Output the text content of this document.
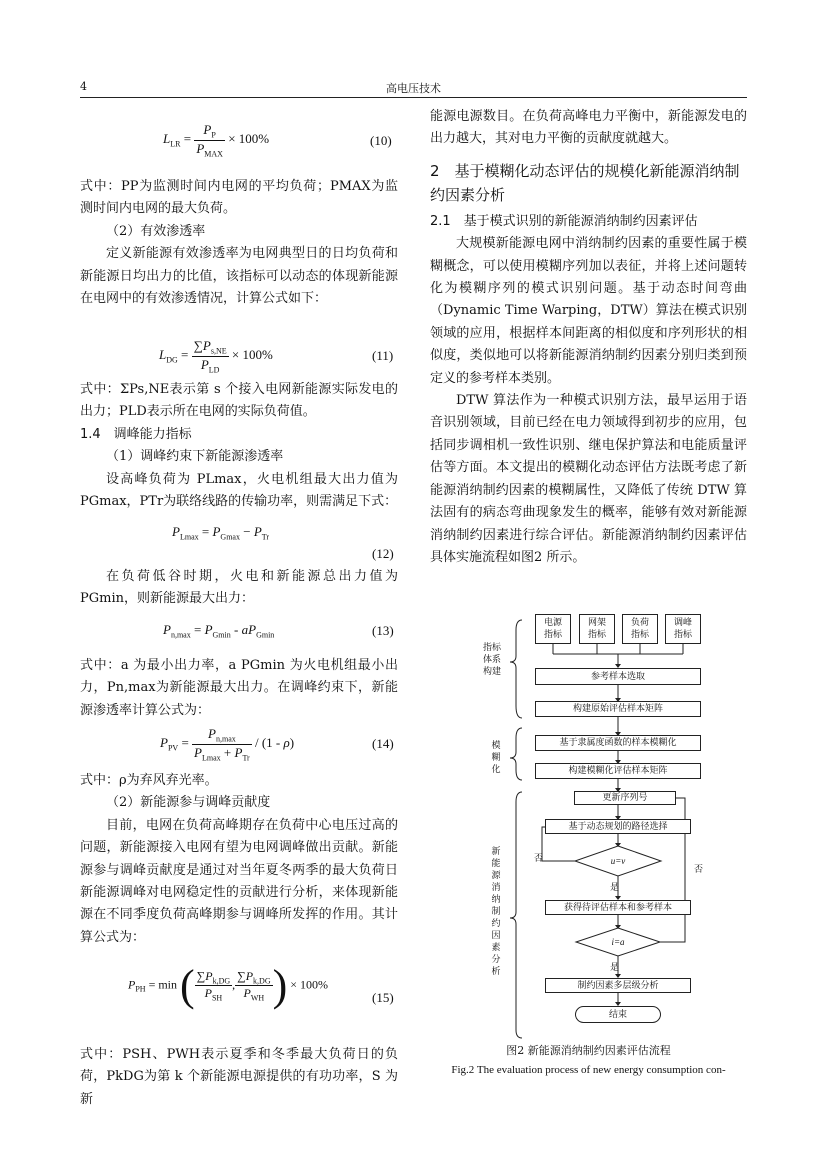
4	高电压技术
$L_{LR} = \frac{P_P}{P_{MAX}} \times 100\%$	(10)

式中：PP为监测时间内电网的平均负荷；PMAX为监测时间内电网的最大负荷。

（2）有效渗透率

定义新能源有效渗透率为电网典型日的日均负荷和新能源日均出力的比值，该指标可以动态的体现新能源在电网中的有效渗透情况，计算公式如下：

$L_{DG} = \frac{\sum P_{s,NE}}{P_{LD}} \times 100\%$	(11)

式中：ΣPs,NE表示第 s 个接入电网新能源实际发电的出力；PLD表示所在电网的实际负荷值。

1.4　调峰能力指标

（1）调峰约束下新能源渗透率

设高峰负荷为 PLmax，火电机组最大出力值为PGmax，PTr为联络线路的传输功率，则需满足下式：

$P_{Lmax} = P_{Gmax} - P_{Tr}$
(12)

在负荷低谷时期，火电和新能源总出力值为PGmin，则新能源最大出力：

$P_{n,max} = P_{Gmin} - aP_{Gmin}$	(13)

式中：a 为最小出力率，a PGmin 为火电机组最小出力，Pn,max为新能源最大出力。在调峰约束下，新能源渗透率计算公式为：

$P_{PV} = \frac{P_{n,max}}{P_{Lmax} + P_{Tr}} / (1 - \rho)$	(14)

式中：ρ为弃风弃光率。

（2）新能源参与调峰贡献度

目前，电网在负荷高峰期存在负荷中心电压过高的问题，新能源接入电网有望为电网调峰做出贡献。新能源参与调峰贡献度是通过对当年夏冬两季的最大负荷日新能源调峰对电网稳定性的贡献进行分析，来体现新能源在不同季度负荷高峰期参与调峰所发挥的作用。其计算公式为：

$P_{PH} = \min$ ( $\frac{\sum P_{k,DG}}{P_{SH}}$ , $\frac{\sum P_{k,DG}}{P_{WH}}$ ) × 100%
(15)

式中：PSH、PWH表示夏季和冬季最大负荷日的负荷，PkDG为第 k 个新能源电源提供的有功功率，S 为新

能源电源数目。在负荷高峰电力平衡中，新能源发电的出力越大，其对电力平衡的贡献度就越大。

2　基于模糊化动态评估的规模化新能源消纳制约因素分析

2.1　基于模式识别的新能源消纳制约因素评估

大规模新能源电网中消纳制约因素的重要性属于模糊概念，可以使用模糊序列加以表征，并将上述问题转化为模糊序列的模式识别问题。基于动态时间弯曲（Dynamic Time Warping，DTW）算法在模式识别领域的应用，根据样本间距离的相似度和序列形状的相似度，类似地可以将新能源消纳制约因素分别归类到预定义的参考样本类别。

DTW 算法作为一种模式识别方法，最早运用于语音识别领域，目前已经在电力领域得到初步的应用，包括同步调相机一致性识别、继电保护算法和电能质量评估等方面。本文提出的模糊化动态评估方法既考虑了新能源消纳制约因素的模糊属性，又降低了传统 DTW 算法固有的病态弯曲现象发生的概率，能够有效对新能源消纳制约因素进行综合评估。新能源消纳制约因素评估具体实施流程如图2 所示。

指标
体系
构建
模
糊
化
新
能
源
消
纳
制
约
因
素
分
析
电源
指标
网架
指标
负荷
指标
调峰
指标
参考样本选取
构建原始评估样本矩阵
基于隶属度函数的样本模糊化
构建模糊化评估样本矩阵
更新序列号
基于动态规划的路径选择
u=v
否
是
获得待评估样本和参考样本
i=a
否
是
制约因素多层级分析
结束
图2 新能源消纳制约因素评估流程
Fig.2 The evaluation process of new energy consumption con-
